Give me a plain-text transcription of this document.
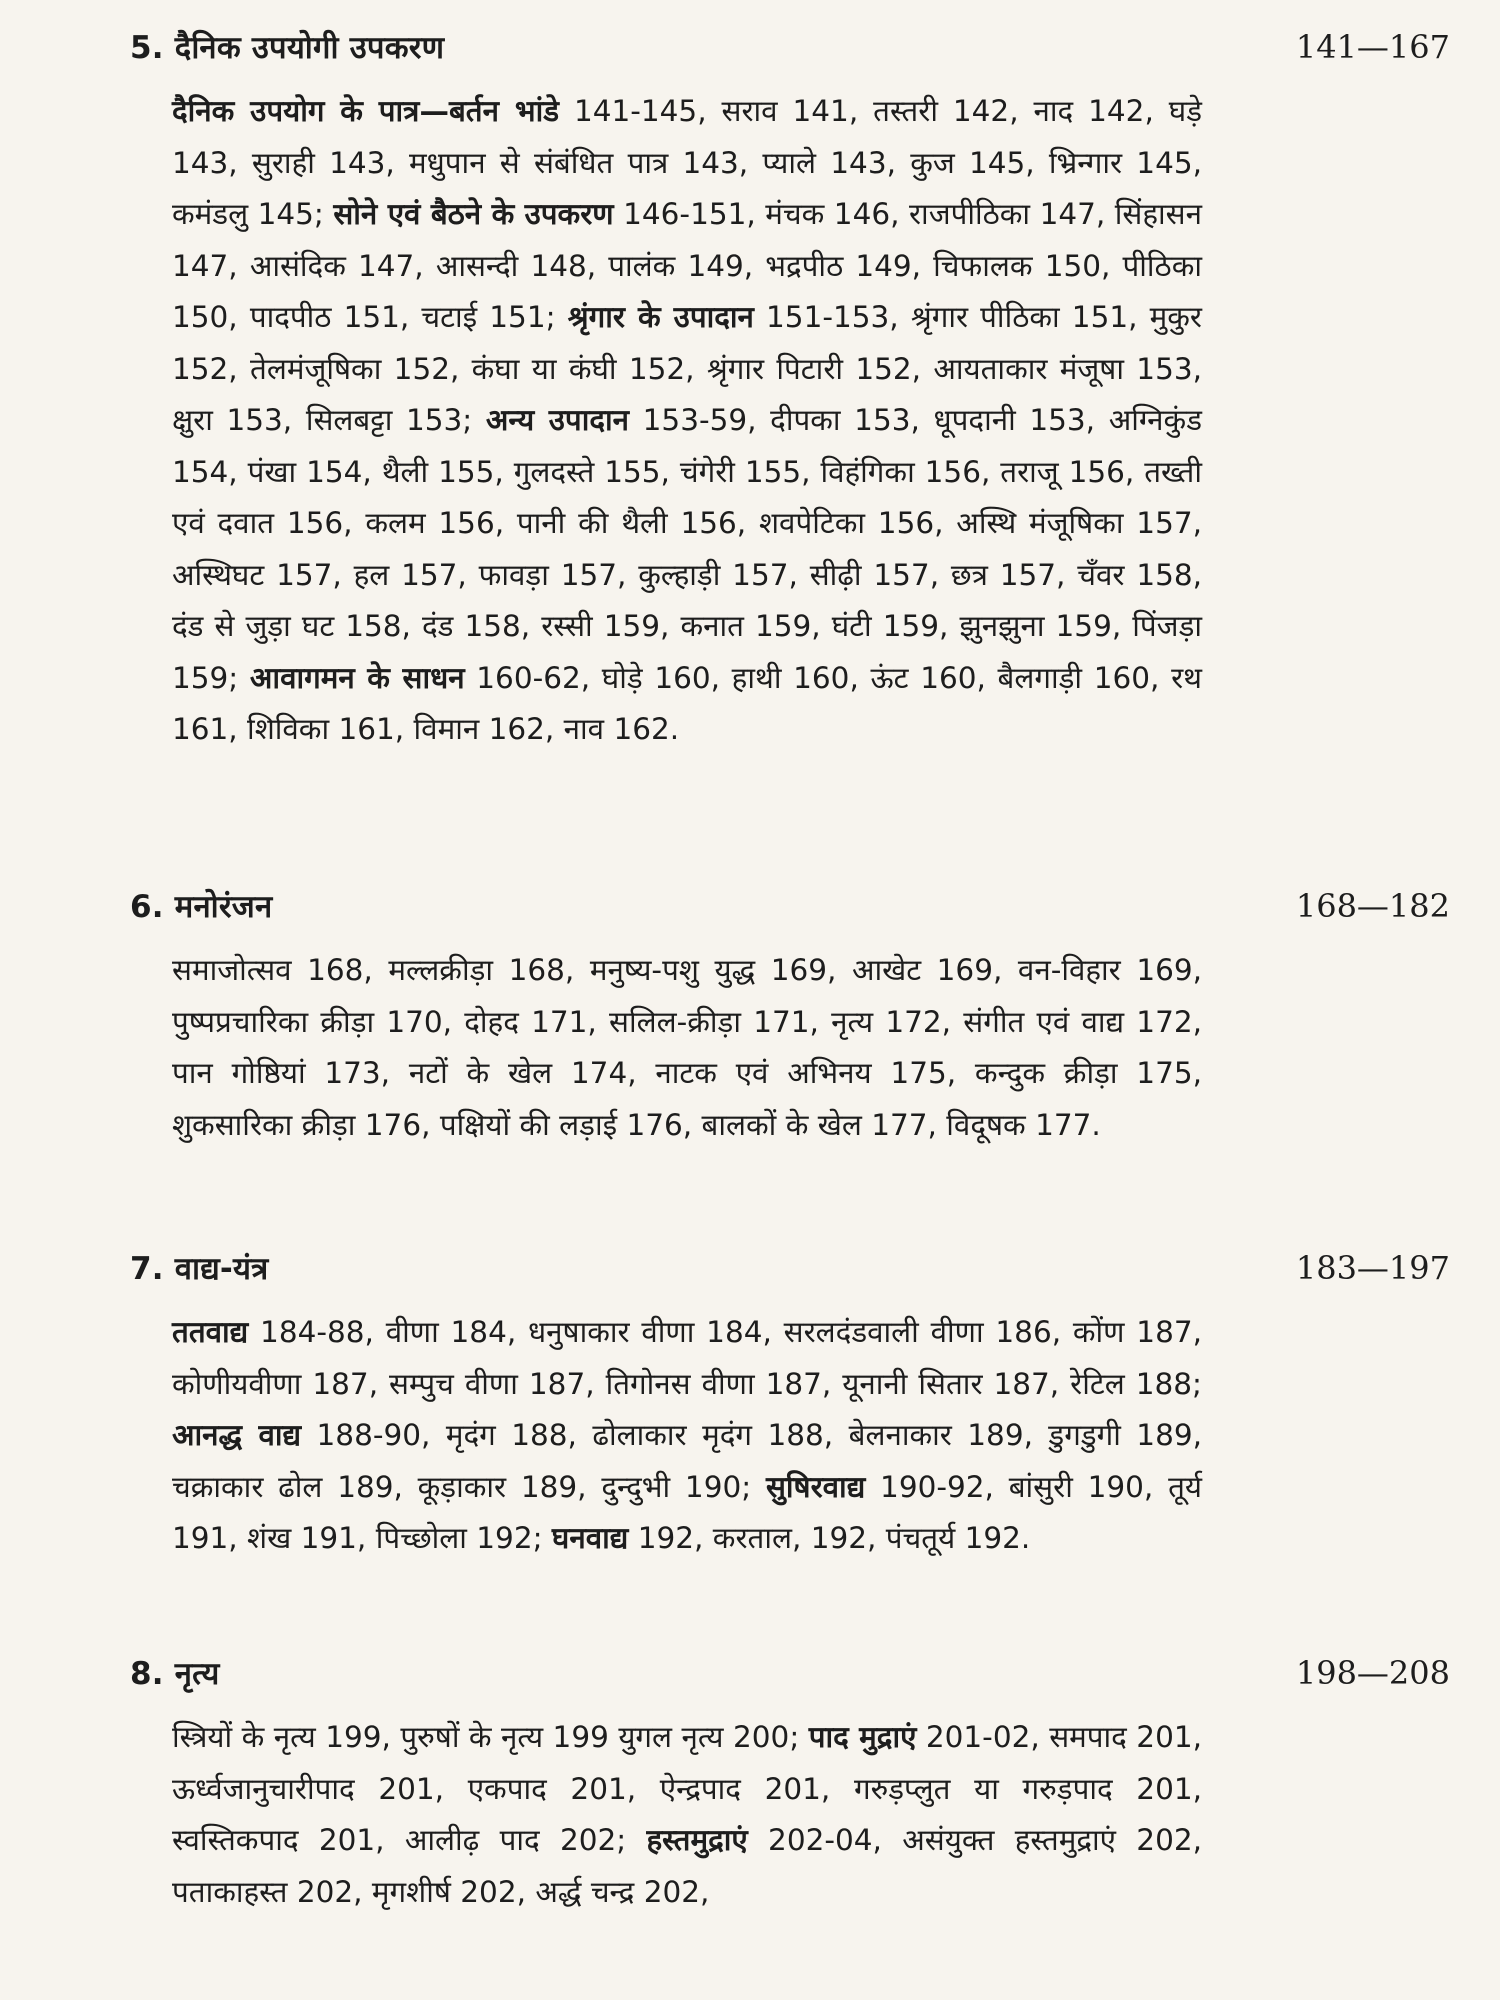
5. दैनिक उपयोगी उपकरण	141—167

दैनिक उपयोग के पात्र—बर्तन भांडे 141-145, सराव 141, तस्तरी 142, नाद 142, घड़े 143, सुराही 143, मधुपान से संबंधित पात्र 143, प्याले 143, कुज 145, भ्रिन्गार 145, कमंडलु 145; सोने एवं बैठने के उपकरण 146-151, मंचक 146, राजपीठिका 147, सिंहासन 147, आसंदिक 147, आसन्दी 148, पालंक 149, भद्रपीठ 149, चिफालक 150, पीठिका 150, पादपीठ 151, चटाई 151; श्रृंगार के उपादान 151-153, श्रृंगार पीठिका 151, मुकुर 152, तेलमंजूषिका 152, कंघा या कंघी 152, श्रृंगार पिटारी 152, आयताकार मंजूषा 153, क्षुरा 153, सिलबट्टा 153; अन्य उपादान 153-59, दीपका 153, धूपदानी 153, अग्निकुंड 154, पंखा 154, थैली 155, गुलदस्ते 155, चंगेरी 155, विहंगिका 156, तराजू 156, तख्ती एवं दवात 156, कलम 156, पानी की थैली 156, शवपेटिका 156, अस्थि मंजूषिका 157, अस्थिघट 157, हल 157, फावड़ा 157, कुल्हाड़ी 157, सीढ़ी 157, छत्र 157, चँवर 158, दंड से जुड़ा घट 158, दंड 158, रस्सी 159, कनात 159, घंटी 159, झुनझुना 159, पिंजड़ा 159; आवागमन के साधन 160-62, घोड़े 160, हाथी 160, ऊंट 160, बैलगाड़ी 160, रथ 161, शिविका 161, विमान 162, नाव 162.

6. मनोरंजन	168—182

समाजोत्सव 168, मल्लक्रीड़ा 168, मनुष्य-पशु युद्ध 169, आखेट 169, वन-विहार 169, पुष्पप्रचारिका क्रीड़ा 170, दोहद 171, सलिल-क्रीड़ा 171, नृत्य 172, संगीत एवं वाद्य 172, पान गोष्ठियां 173, नटों के खेल 174, नाटक एवं अभिनय 175, कन्दुक क्रीड़ा 175, शुकसारिका क्रीड़ा 176, पक्षियों की लड़ाई 176, बालकों के खेल 177, विदूषक 177.

7. वाद्य-यंत्र	183—197

ततवाद्य 184-88, वीणा 184, धनुषाकार वीणा 184, सरलदंडवाली वीणा 186, कोंण 187, कोणीयवीणा 187, सम्पुच वीणा 187, तिगोनस वीणा 187, यूनानी सितार 187, रेटिल 188; आनद्ध वाद्य 188-90, मृदंग 188, ढोलाकार मृदंग 188, बेलनाकार 189, डुगडुगी 189, चक्राकार ढोल 189, कूड़ाकार 189, दुन्दुभी 190; सुषिरवाद्य 190-92, बांसुरी 190, तूर्य 191, शंख 191, पिच्छोला 192; घनवाद्य 192, करताल, 192, पंचतूर्य 192.

8. नृत्य	198—208

स्त्रियों के नृत्य 199, पुरुषों के नृत्य 199 युगल नृत्य 200; पाद मुद्राएं 201-02, समपाद 201, ऊर्ध्वजानुचारीपाद 201, एकपाद 201, ऐन्द्रपाद 201, गरुड़प्लुत या गरुड़पाद 201, स्वस्तिकपाद 201, आलीढ़ पाद 202; हस्तमुद्राएं 202-04, असंयुक्त हस्तमुद्राएं 202, पताकाहस्त 202, मृगशीर्ष 202, अर्द्ध चन्द्र 202,
